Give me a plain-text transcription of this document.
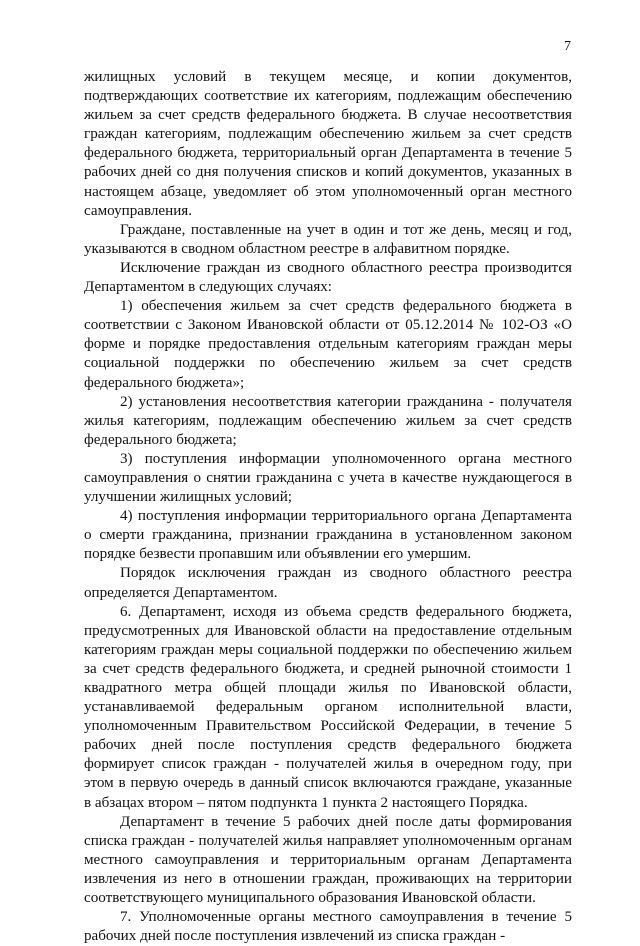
7

жилищных условий в текущем месяце, и копии документов, подтверждающих соответствие их категориям, подлежащим обеспечению жильем за счет средств федерального бюджета. В случае несоответствия граждан категориям, подлежащим обеспечению жильем за счет средств федерального бюджета, территориальный орган Департамента в течение 5 рабочих дней со дня получения списков и копий документов, указанных в настоящем абзаце, уведомляет об этом уполномоченный орган местного самоуправления.

Граждане, поставленные на учет в один и тот же день, месяц и год, указываются в сводном областном реестре в алфавитном порядке.

Исключение граждан из сводного областного реестра производится Департаментом в следующих случаях:

1) обеспечения жильем за счет средств федерального бюджета в соответствии с Законом Ивановской области от 05.12.2014 № 102-ОЗ «О форме и порядке предоставления отдельным категориям граждан меры социальной поддержки по обеспечению жильем за счет средств федерального бюджета»;

2) установления несоответствия категории гражданина - получателя жилья категориям, подлежащим обеспечению жильем за счет средств федерального бюджета;

3) поступления информации уполномоченного органа местного самоуправления о снятии гражданина с учета в качестве нуждающегося в улучшении жилищных условий;

4) поступления информации территориального органа Департамента о смерти гражданина, признании гражданина в установленном законом порядке безвести пропавшим или объявлении его умершим.

Порядок исключения граждан из сводного областного реестра определяется Департаментом.

6. Департамент, исходя из объема средств федерального бюджета, предусмотренных для Ивановской области на предоставление отдельным категориям граждан меры социальной поддержки по обеспечению жильем за счет средств федерального бюджета, и средней рыночной стоимости 1 квадратного метра общей площади жилья по Ивановской области, устанавливаемой федеральным органом исполнительной власти, уполномоченным Правительством Российской Федерации, в течение 5 рабочих дней после поступления средств федерального бюджета формирует список граждан - получателей жилья в очередном году, при этом в первую очередь в данный список включаются граждане, указанные в абзацах втором – пятом подпункта 1 пункта 2 настоящего Порядка.

Департамент в течение 5 рабочих дней после даты формирования списка граждан - получателей жилья направляет уполномоченным органам местного самоуправления и территориальным органам Департамента извлечения из него в отношении граждан, проживающих на территории соответствующего муниципального образования Ивановской области.

7. Уполномоченные органы местного самоуправления в течение 5 рабочих дней после поступления извлечений из списка граждан -
